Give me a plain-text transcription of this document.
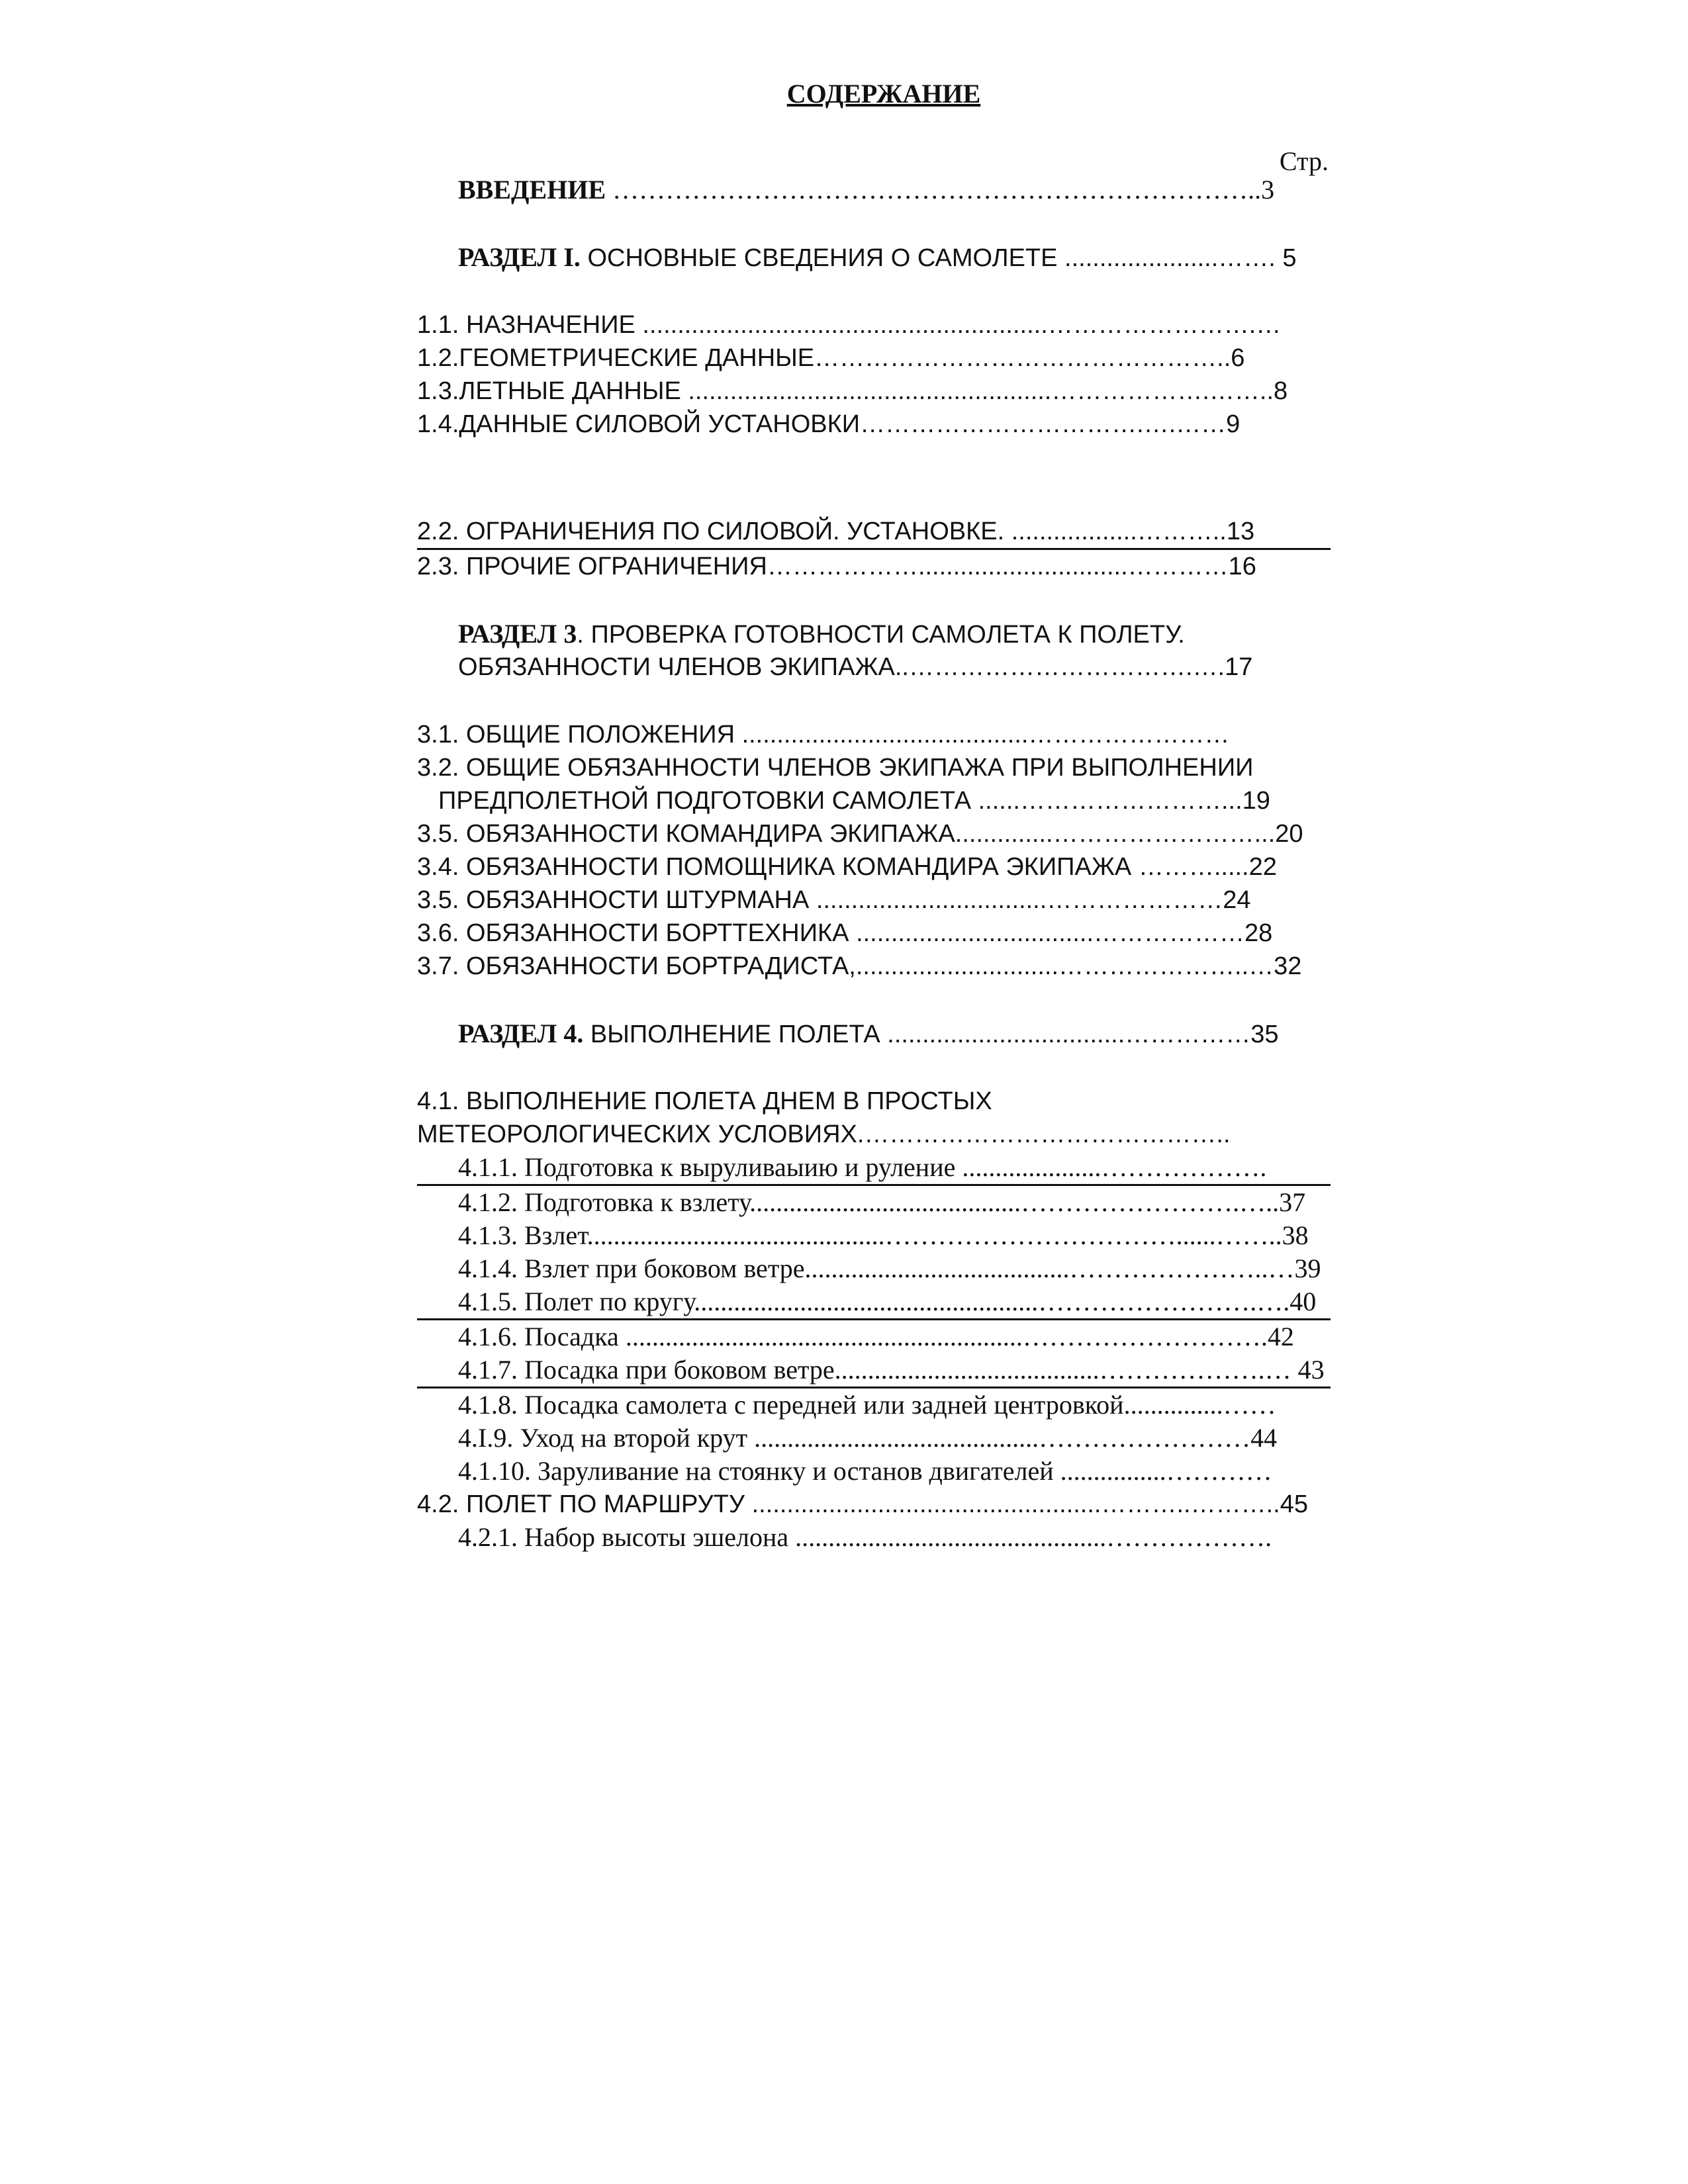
СОДЕРЖАНИЕ
Стр.
ВВЕДЕНИЕ ………………………………………………………………..3
РАЗДЕЛ I. ОСНОВНЫЕ СВЕДЕНИЯ О САМОЛЕТЕ ......................……. 5
1.1. НАЗНАЧЕНИЕ ..........................................................…………………….…
1.2.ГЕОМЕТРИЧЕСКИЕ ДАННЫЕ…………………………………………..6
1.3.ЛЕТНЫЕ ДАННЫЕ ....................................................……………….……..8
1.4.ДАННЫЕ СИЛОВОЙ УСТАНОВКИ…………………………….….……9
2.2. ОГРАНИЧЕНИЯ ПО СИЛОВОЙ. УСТАНОВКЕ. ..................………..13
2.3. ПРОЧИЕ ОГРАНИЧЕНИЯ………………..............................…………16
РАЗДЕЛ 3. ПРОВЕРКА ГОТОВНОСТИ САМОЛЕТА К ПОЛЕТУ.
ОБЯЗАННОСТИ ЧЛЕНОВ ЭКИПАЖА..…………………………….….17
3.1. ОБЩИЕ ПОЛОЖЕНИЯ .........................................……………………
3.2. ОБЩИЕ ОБЯЗАННОСТИ ЧЛЕНОВ ЭКИПАЖА ПРИ ВЫПОЛНЕНИИ
ПРЕДПОЛЕТНОЙ ПОДГОТОВКИ САМОЛЕТА ......……………………...19
3.5. ОБЯЗАННОСТИ КОМАНДИРА ЭКИПАЖА..............……………………...20
3.4. ОБЯЗАННОСТИ ПОМОЩНИКА КОМАНДИРА ЭКИПАЖА ……….....22
3.5. ОБЯЗАННОСТИ ШТУРМАНА .................................…………………24
3.6. ОБЯЗАННОСТИ БОРТТЕХНИКА ..................................………………28
3.7. ОБЯЗАННОСТИ БОРТРАДИСТА,.............................…………………..…32
РАЗДЕЛ 4. ВЫПОЛНЕНИЕ ПОЛЕТА ..................................……………35
4.1. ВЫПОЛНЕНИЕ ПОЛЕТА ДНЕМ В ПРОСТЫХ
МЕТЕОРОЛОГИЧЕСКИХ УСЛОВИЯХ.……………………………………..
4.1.1. Подготовка к выруливаыию и руление .....................……………….
4.1.2. Подготовка к взлету.........................................…………………….…..37
4.1.3. Взлет.............................................……………………………......……..38
4.1.4. Взлет при боковом ветре........................................…………………..…39
4.1.5. Полет по кругу....................................................…………………….….40
4.1.6. Посадка ............................................................……………………….42
4.1.7. Посадка при боковом ветре........................................……………….… 43
4.1.8. Посадка самолета с передней или задней центровкой...............……
4.I.9. Уход на второй крут ...........................................……………………44
4.1.10. Заруливание на стоянку и останов двигателей ................…………
4.2. ПОЛЕТ ПО МАРШРУТУ ..................................................………..………..45
4.2.1. Набор высоты эшелона ...............................................……………….
